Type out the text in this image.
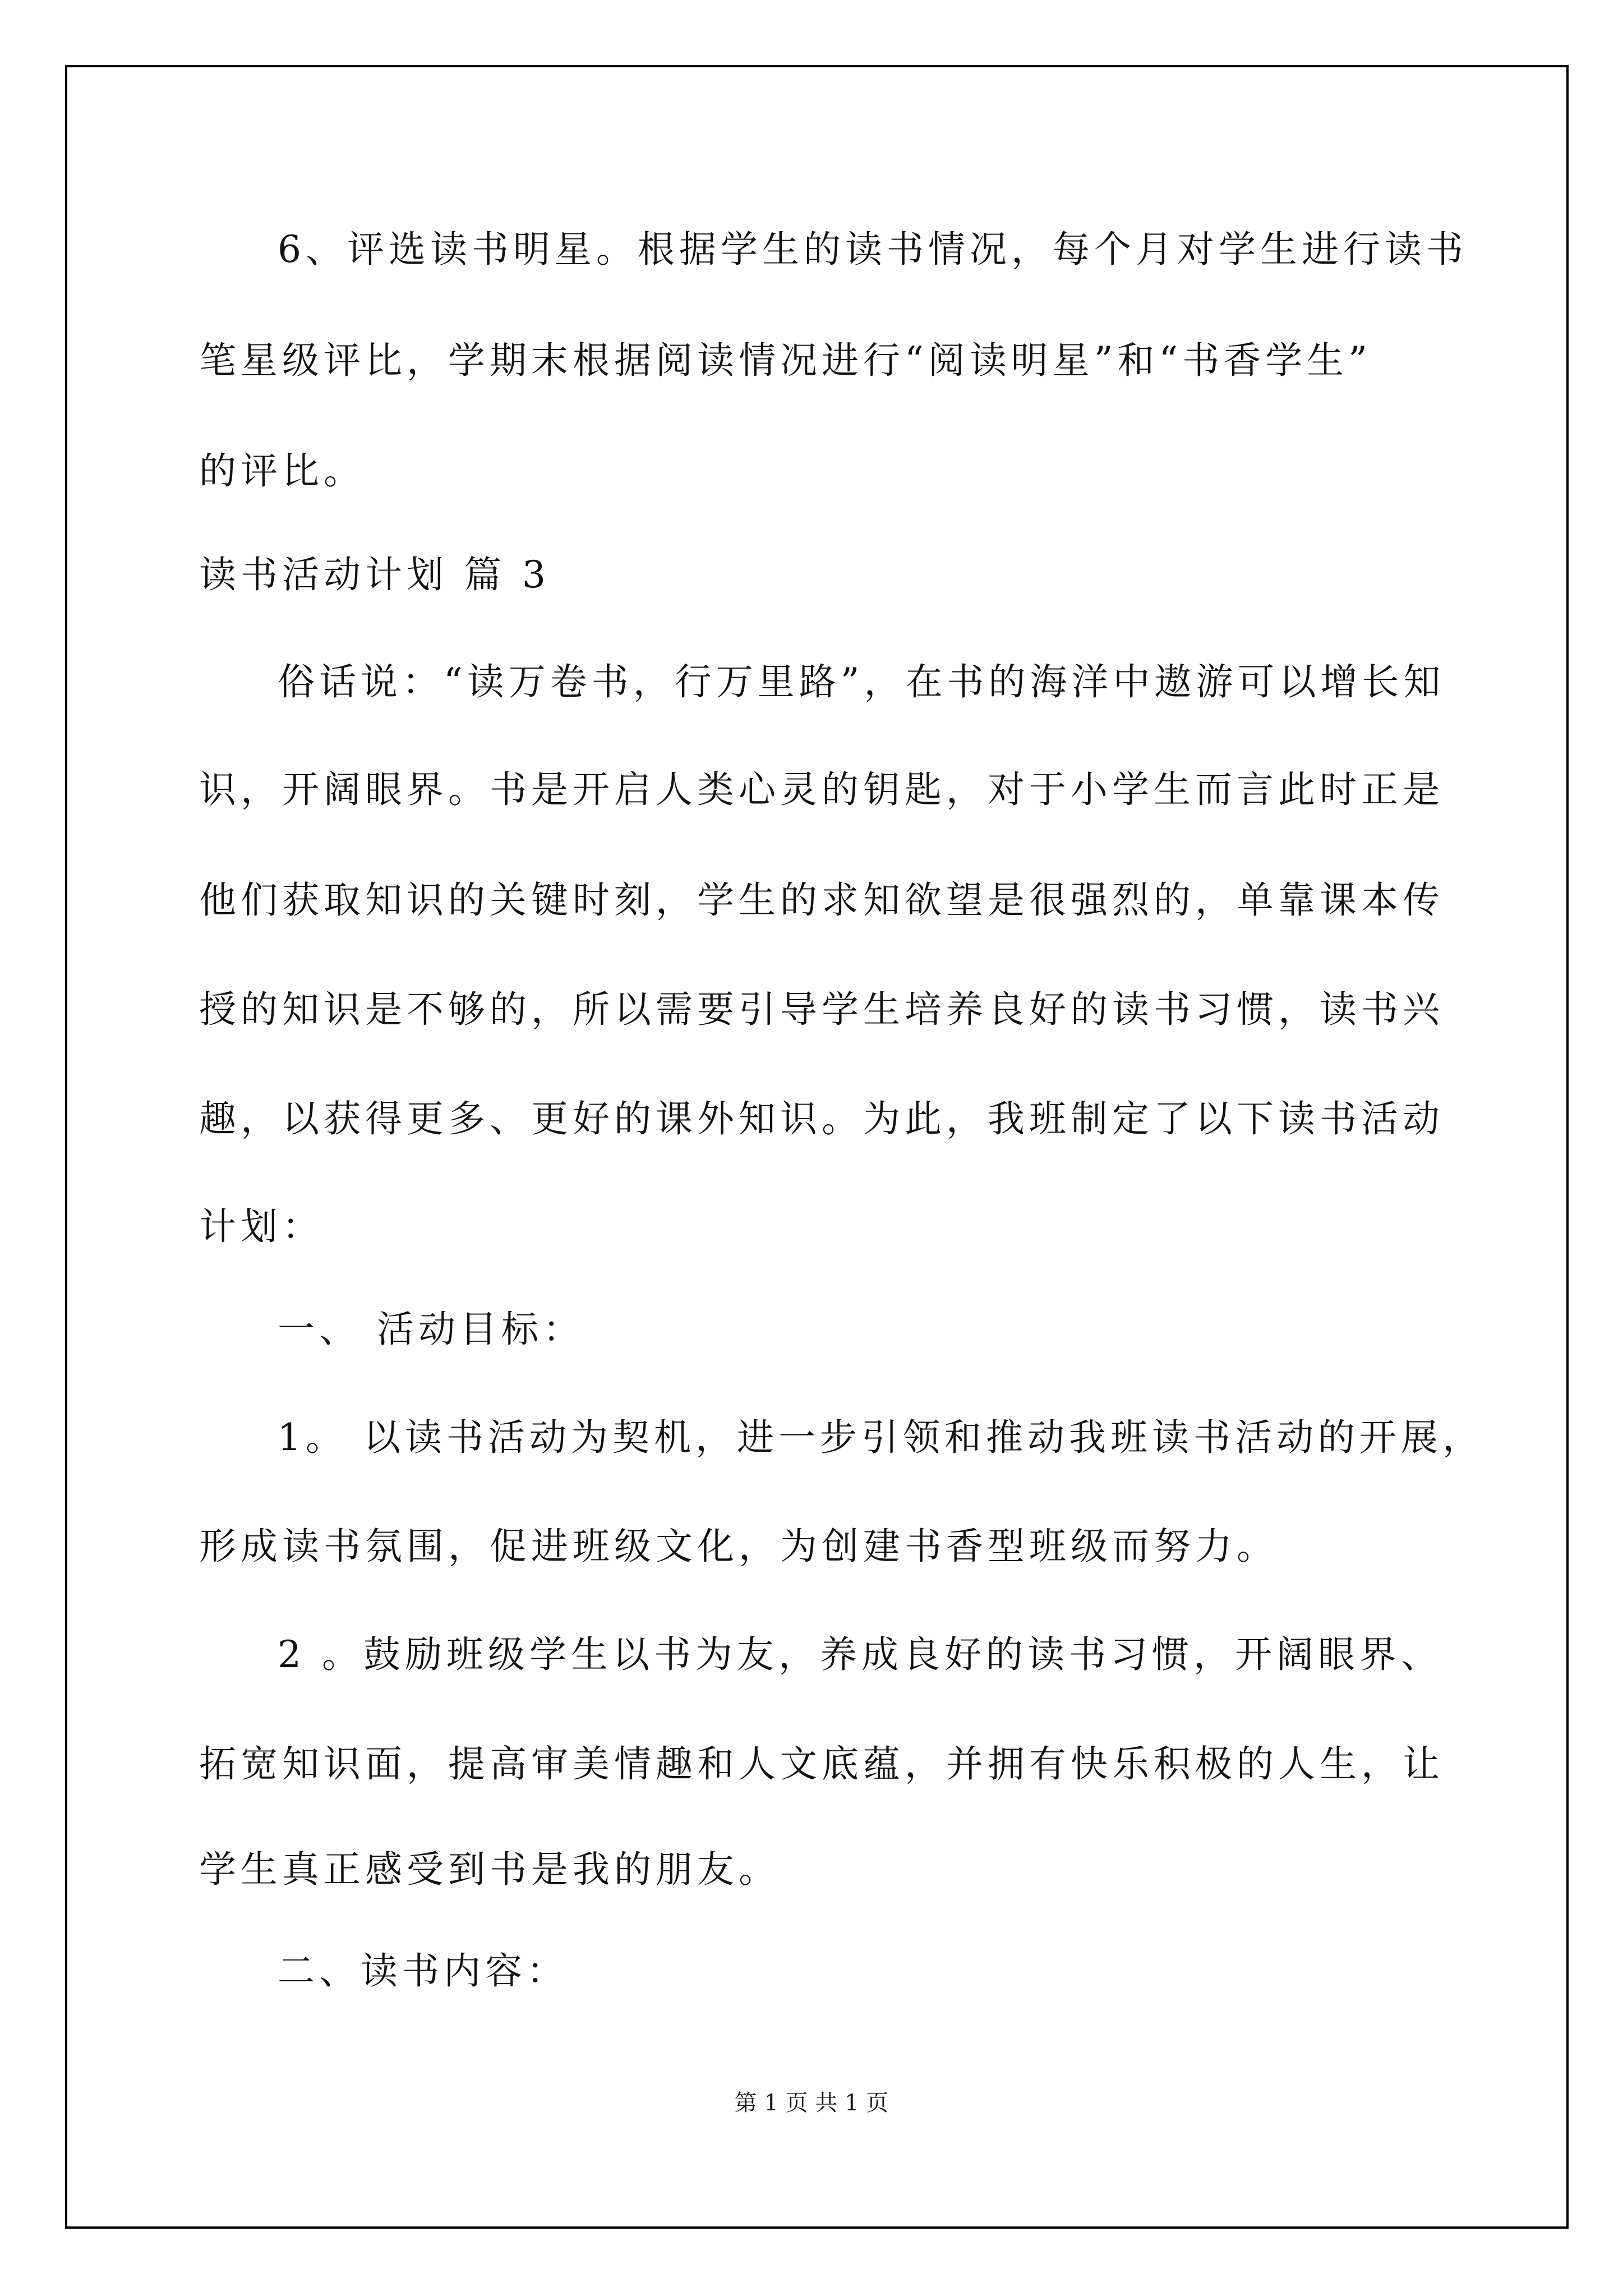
6、评选读书明星。根据学生的读书情况，每个月对学生进行读书
笔星级评比，学期末根据阅读情况进行“阅读明星”和“书香学生”
的评比。
读书活动计划 篇 3
俗话说：“读万卷书，行万里路”，在书的海洋中遨游可以增长知
识，开阔眼界。书是开启人类心灵的钥匙，对于小学生而言此时正是
他们获取知识的关键时刻，学生的求知欲望是很强烈的，单靠课本传
授的知识是不够的，所以需要引导学生培养良好的读书习惯，读书兴
趣，以获得更多、更好的课外知识。为此，我班制定了以下读书活动
计划：
一、 活动目标：
1。 以读书活动为契机，进一步引领和推动我班读书活动的开展，
形成读书氛围，促进班级文化，为创建书香型班级而努力。
2 。鼓励班级学生以书为友，养成良好的读书习惯，开阔眼界、
拓宽知识面，提高审美情趣和人文底蕴，并拥有快乐积极的人生，让
学生真正感受到书是我的朋友。
二、读书内容：
第 1 页 共 1 页
